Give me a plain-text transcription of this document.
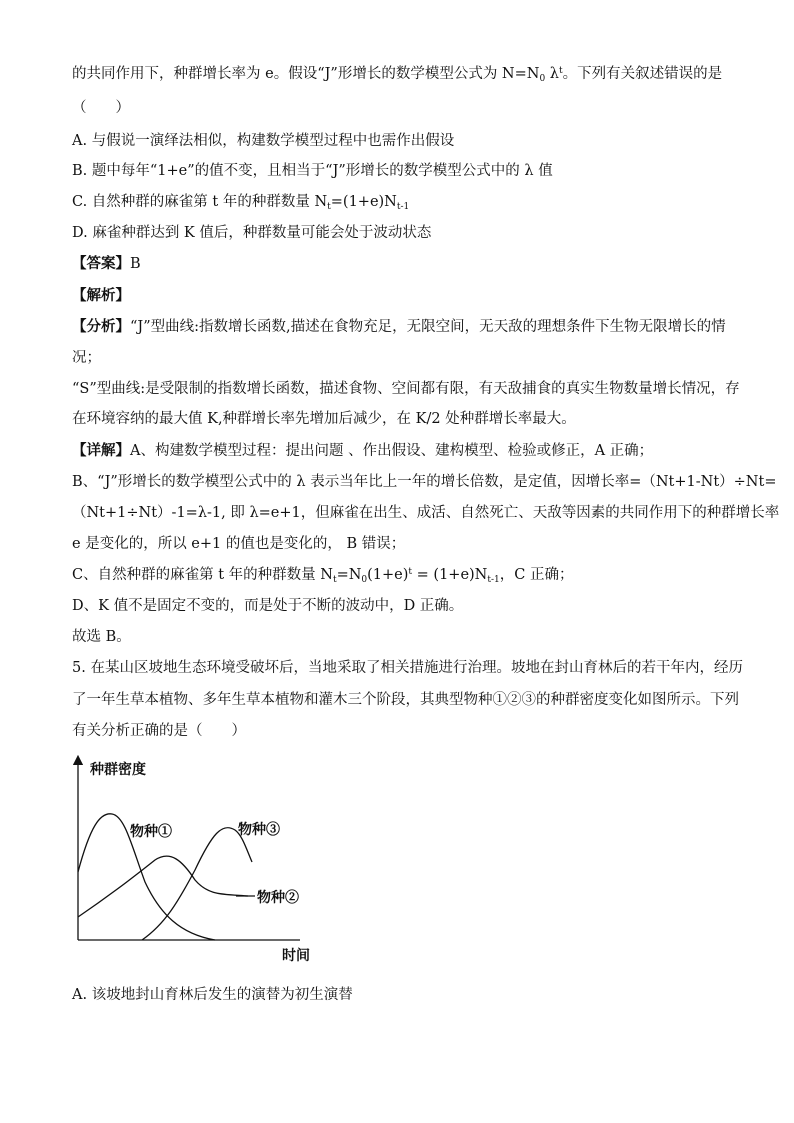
的共同作用下，种群增长率为 e。假设“J”形增长的数学模型公式为 $N=N_0$ $\lambda^t$。下列有关叙述错误的是
（　　）
A. 与假说一演绎法相似，构建数学模型过程中也需作出假设
B. 题中每年“1+e”的值不变，且相当于“J”形增长的数学模型公式中的 λ 值
C. 自然种群的麻雀第 t 年的种群数量 $N_t=(1+e)N_{t-1}$
D. 麻雀种群达到 K 值后，种群数量可能会处于波动状态
【答案】B
【解析】
【分析】“J”型曲线:指数增长函数,描述在食物充足，无限空间，无天敌的理想条件下生物无限增长的情
况；
“S”型曲线:是受限制的指数增长函数，描述食物、空间都有限，有天敌捕食的真实生物数量增长情况，存
在环境容纳的最大值 K,种群增长率先增加后减少，在 K/2 处种群增长率最大。
【详解】A、构建数学模型过程：提出问题 、作出假设、建构模型、检验或修正，A 正确；
B、“J”形增长的数学模型公式中的 λ 表示当年比上一年的增长倍数，是定值，因增长率=（Nt+1-Nt）÷Nt=
（Nt+1÷Nt）-1=λ-1, 即 λ=e+1，但麻雀在出生、成活、自然死亡、天敌等因素的共同作用下的种群增长率
e 是变化的，所以 e+1 的值也是变化的， B 错误；
C、自然种群的麻雀第 t 年的种群数量 $N_t=N_0(1+e)^t = (1+e)N_{t-1}$，C 正确；
D、K 值不是固定不变的，而是处于不断的波动中，D 正确。
故选 B。
5. 在某山区坡地生态环境受破坏后，当地采取了相关措施进行治理。坡地在封山育林后的若干年内，经历
了一年生草本植物、多年生草本植物和灌木三个阶段，其典型物种①②③的种群密度变化如图所示。下列
有关分析正确的是（　　）
种群密度
时间
物种①	物种③
物种②
A. 该坡地封山育林后发生的演替为初生演替
